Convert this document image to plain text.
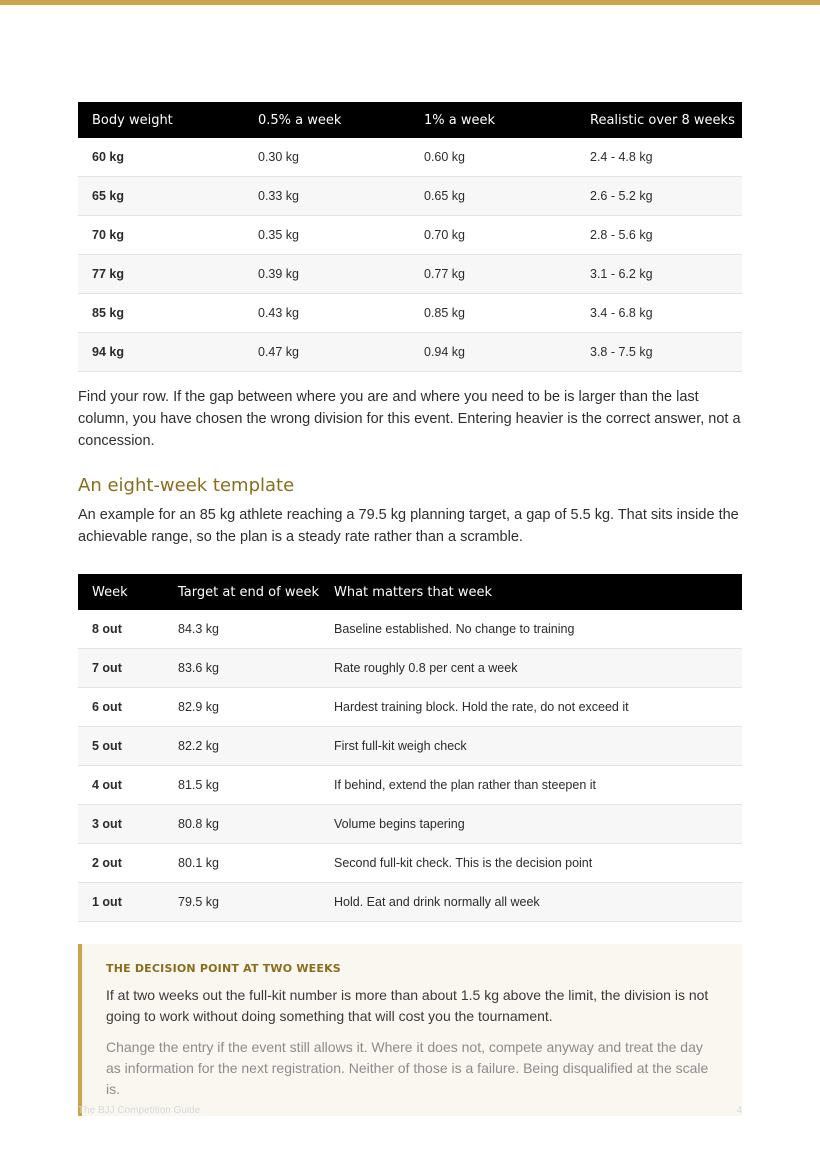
Body weight	0.5% a week	1% a week	Realistic over 8 weeks
60 kg	0.30 kg	0.60 kg	2.4 - 4.8 kg
65 kg	0.33 kg	0.65 kg	2.6 - 5.2 kg
70 kg	0.35 kg	0.70 kg	2.8 - 5.6 kg
77 kg	0.39 kg	0.77 kg	3.1 - 6.2 kg
85 kg	0.43 kg	0.85 kg	3.4 - 6.8 kg
94 kg	0.47 kg	0.94 kg	3.8 - 7.5 kg

Find your row. If the gap between where you are and where you need to be is larger than the last column, you have chosen the wrong division for this event. Entering heavier is the correct answer, not a concession.

An eight-week template

An example for an 85 kg athlete reaching a 79.5 kg planning target, a gap of 5.5 kg. That sits inside the achievable range, so the plan is a steady rate rather than a scramble.

Week	Target at end of week	What matters that week
8 out	84.3 kg	Baseline established. No change to training
7 out	83.6 kg	Rate roughly 0.8 per cent a week
6 out	82.9 kg	Hardest training block. Hold the rate, do not exceed it
5 out	82.2 kg	First full-kit weigh check
4 out	81.5 kg	If behind, extend the plan rather than steepen it
3 out	80.8 kg	Volume begins tapering
2 out	80.1 kg	Second full-kit check. This is the decision point
1 out	79.5 kg	Hold. Eat and drink normally all week
THE DECISION POINT AT TWO WEEKS

If at two weeks out the full-kit number is more than about 1.5 kg above the limit, the division is not going to work without doing something that will cost you the tournament.

Change the entry if the event still allows it. Where it does not, compete anyway and treat the day as information for the next registration. Neither of those is a failure. Being disqualified at the scale is.

The BJJ Competition Guide	4
